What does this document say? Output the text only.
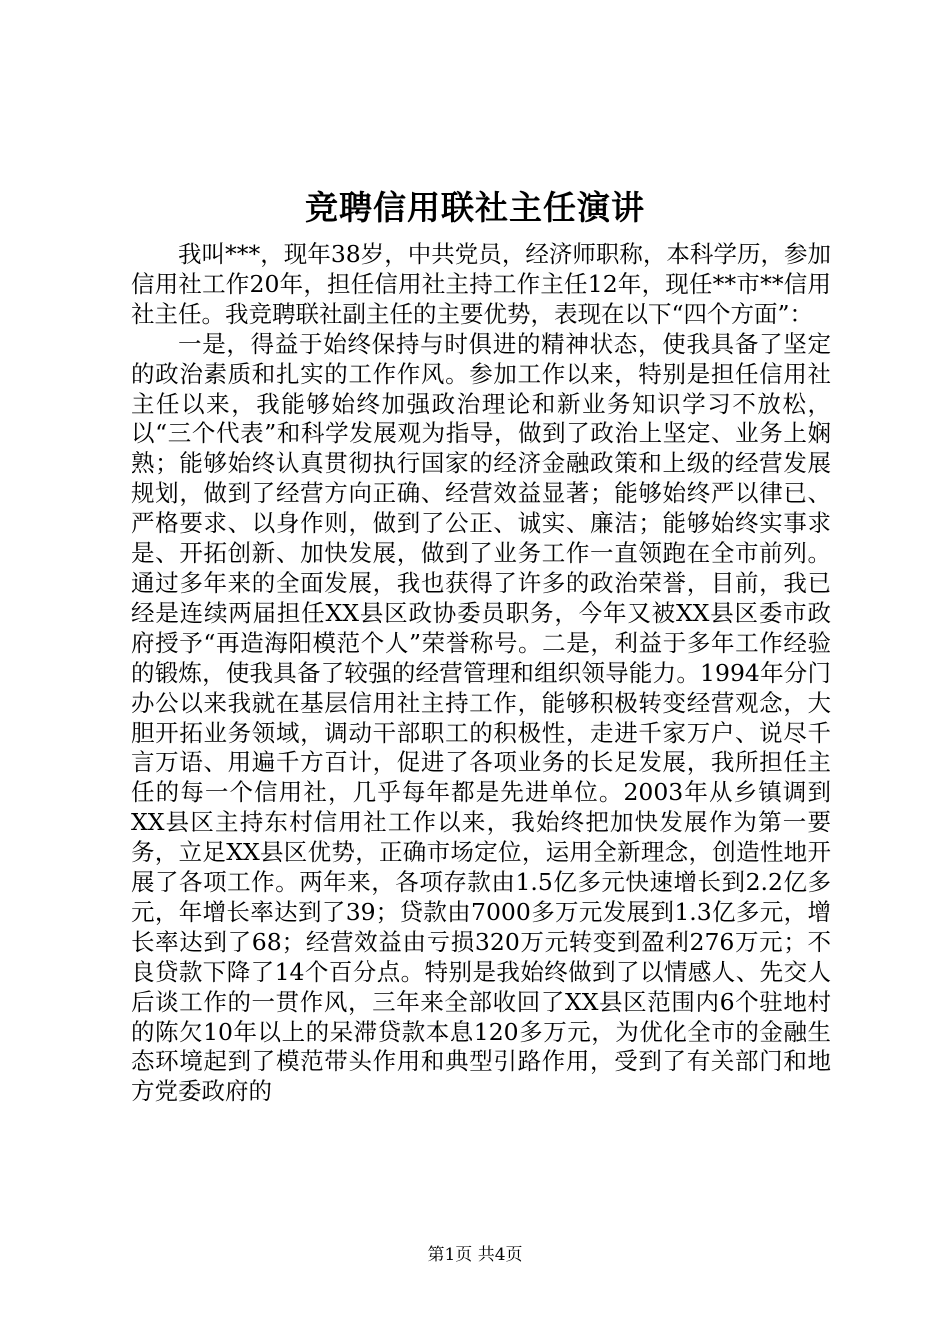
竞聘信用联社主任演讲

我叫***，现年38岁，中共党员，经济师职称，本科学历，参加信用社工作20年，担任信用社主持工作主任12年，现任**市**信用社主任。我竞聘联社副主任的主要优势，表现在以下“四个方面”：

一是，得益于始终保持与时俱进的精神状态，使我具备了坚定的政治素质和扎实的工作作风。参加工作以来，特别是担任信用社主任以来，我能够始终加强政治理论和新业务知识学习不放松，以“三个代表”和科学发展观为指导，做到了政治上坚定、业务上娴熟；能够始终认真贯彻执行国家的经济金融政策和上级的经营发展规划，做到了经营方向正确、经营效益显著；能够始终严以律已、严格要求、以身作则，做到了公正、诚实、廉洁；能够始终实事求是、开拓创新、加快发展，做到了业务工作一直领跑在全市前列。通过多年来的全面发展，我也获得了许多的政治荣誉，目前，我已经是连续两届担任XX县区政协委员职务，今年又被XX县区委市政府授予“再造海阳模范个人”荣誉称号。二是，利益于多年工作经验的锻炼，使我具备了较强的经营管理和组织领导能力。1994年分门办公以来我就在基层信用社主持工作，能够积极转变经营观念，大胆开拓业务领域，调动干部职工的积极性，走进千家万户、说尽千言万语、用遍千方百计，促进了各项业务的长足发展，我所担任主任的每一个信用社，几乎每年都是先进单位。2003年从乡镇调到XX县区主持东村信用社工作以来，我始终把加快发展作为第一要务，立足XX县区优势，正确市场定位，运用全新理念，创造性地开展了各项工作。两年来，各项存款由1.5亿多元快速增长到2.2亿多元，年增长率达到了39；贷款由7000多万元发展到1.3亿多元，增长率达到了68；经营效益由亏损320万元转变到盈利276万元；不良贷款下降了14个百分点。特别是我始终做到了以情感人、先交人后谈工作的一贯作风，三年来全部收回了XX县区范围内6个驻地村的陈欠10年以上的呆滞贷款本息120多万元，为优化全市的金融生态环境起到了模范带头作用和典型引路作用，受到了有关部门和地方党委政府的

第1页 共4页
